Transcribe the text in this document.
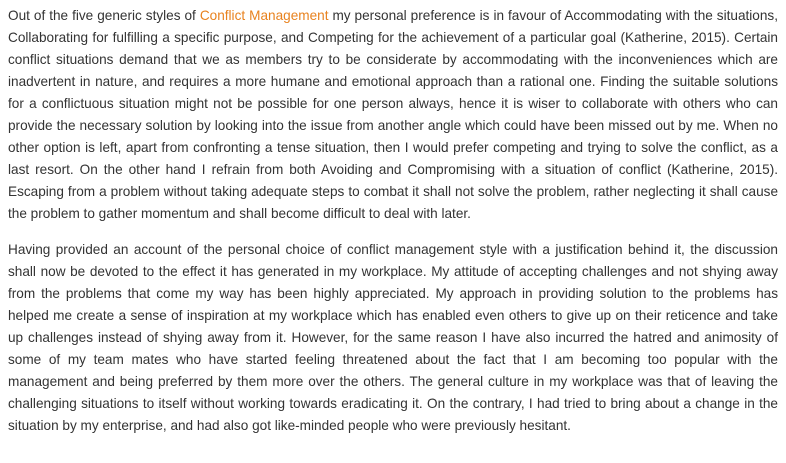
Out of the five generic styles of Conflict Management my personal preference is in favour of Accommodating with the situations, Collaborating for fulfilling a specific purpose, and Competing for the achievement of a particular goal (Katherine, 2015). Certain conflict situations demand that we as members try to be considerate by accommodating with the inconveniences which are inadvertent in nature, and requires a more humane and emotional approach than a rational one. Finding the suitable solutions for a conflictuous situation might not be possible for one person always, hence it is wiser to collaborate with others who can provide the necessary solution by looking into the issue from another angle which could have been missed out by me. When no other option is left, apart from confronting a tense situation, then I would prefer competing and trying to solve the conflict, as a last resort. On the other hand I refrain from both Avoiding and Compromising with a situation of conflict (Katherine, 2015). Escaping from a problem without taking adequate steps to combat it shall not solve the problem, rather neglecting it shall cause the problem to gather momentum and shall become difficult to deal with later.

Having provided an account of the personal choice of conflict management style with a justification behind it, the discussion shall now be devoted to the effect it has generated in my workplace. My attitude of accepting challenges and not shying away from the problems that come my way has been highly appreciated. My approach in providing solution to the problems has helped me create a sense of inspiration at my workplace which has enabled even others to give up on their reticence and take up challenges instead of shying away from it. However, for the same reason I have also incurred the hatred and animosity of some of my team mates who have started feeling threatened about the fact that I am becoming too popular with the management and being preferred by them more over the others. The general culture in my workplace was that of leaving the challenging situations to itself without working towards eradicating it. On the contrary, I had tried to bring about a change in the situation by my enterprise, and had also got like-minded people who were previously hesitant.
